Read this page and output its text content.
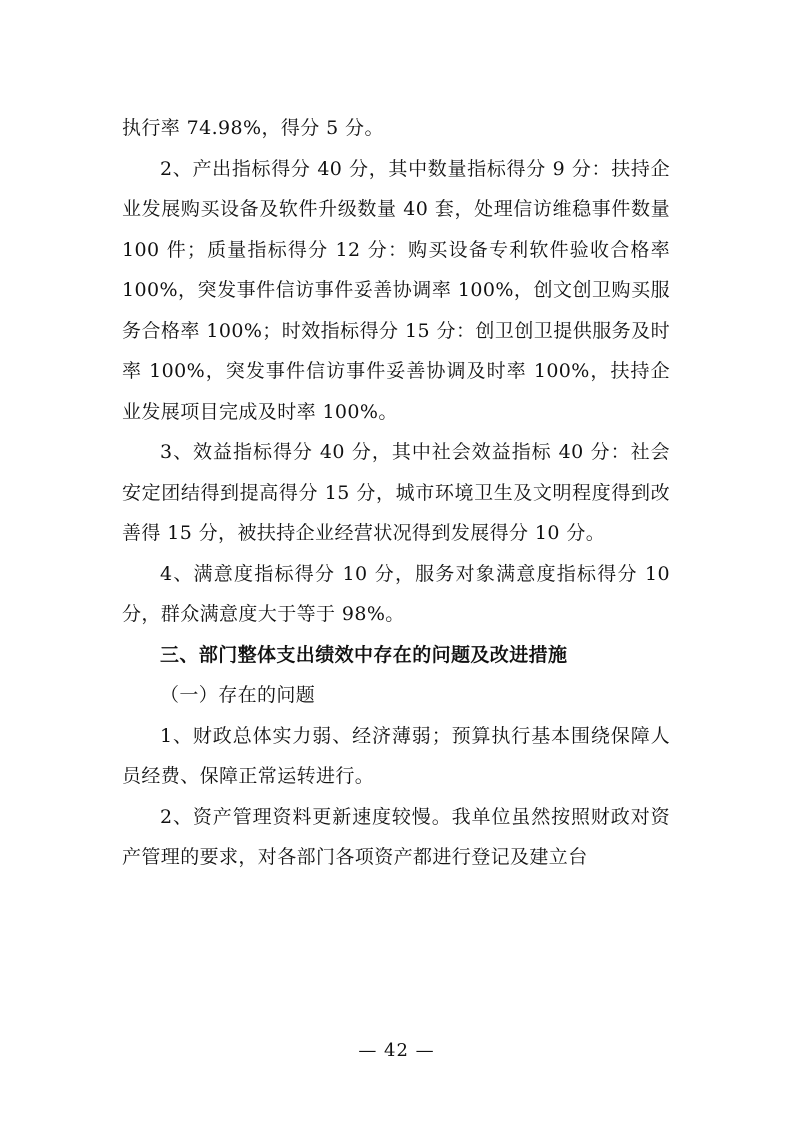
执行率 74.98%，得分 5 分。

2、产出指标得分 40 分，其中数量指标得分 9 分：扶持企业发展购买设备及软件升级数量 40 套，处理信访维稳事件数量 100 件；质量指标得分 12 分：购买设备专利软件验收合格率 100%，突发事件信访事件妥善协调率 100%，创文创卫购买服务合格率 100%；时效指标得分 15 分：创卫创卫提供服务及时率 100%，突发事件信访事件妥善协调及时率 100%，扶持企业发展项目完成及时率 100%。

3、效益指标得分 40 分，其中社会效益指标 40 分：社会安定团结得到提高得分 15 分，城市环境卫生及文明程度得到改善得 15 分，被扶持企业经营状况得到发展得分 10 分。

4、满意度指标得分 10 分，服务对象满意度指标得分 10 分，群众满意度大于等于 98%。

三、部门整体支出绩效中存在的问题及改进措施

（一）存在的问题

1、财政总体实力弱、经济薄弱；预算执行基本围绕保障人员经费、保障正常运转进行。

2、资产管理资料更新速度较慢。我单位虽然按照财政对资产管理的要求，对各部门各项资产都进行登记及建立台

— 42 —
